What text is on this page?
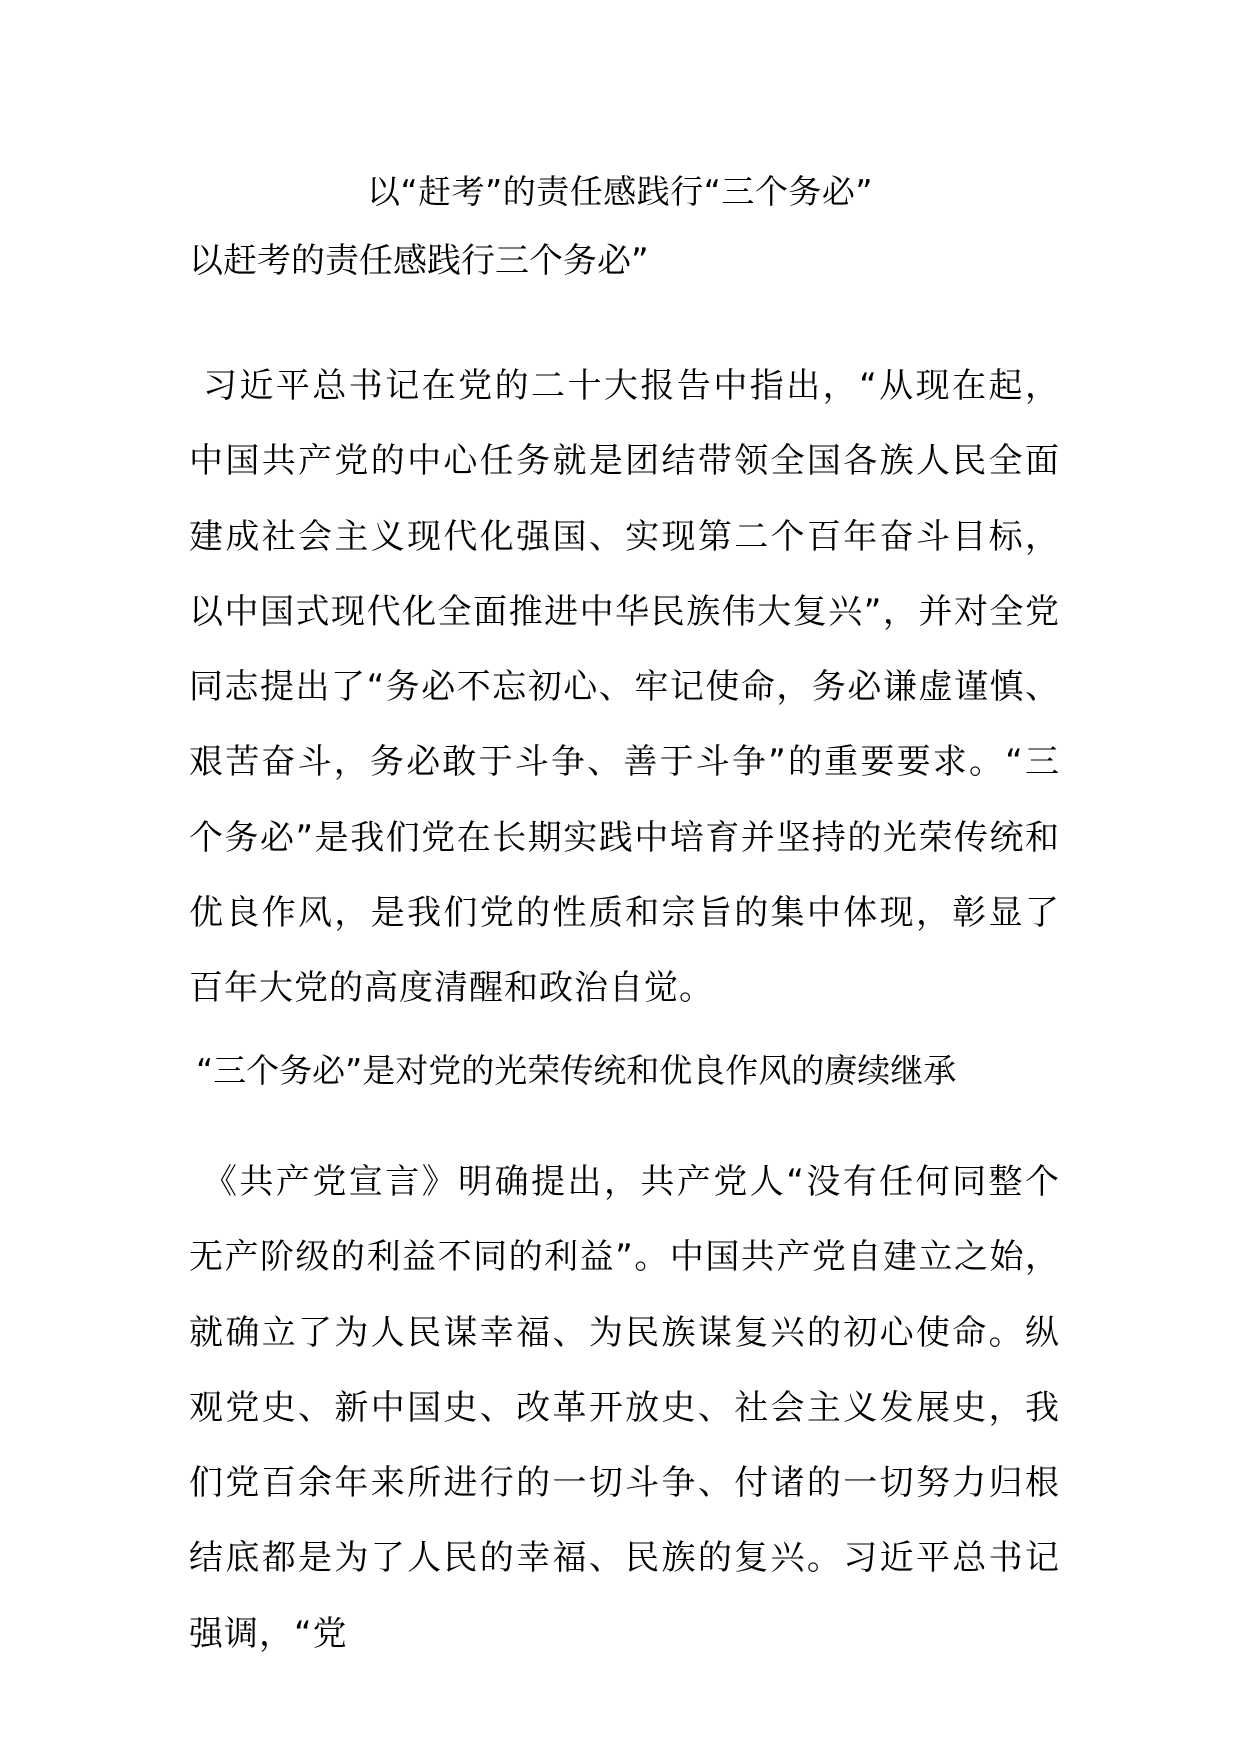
以“赶考”的责任感践行“三个务必”

以赶考的责任感践行三个务必”

习近平总书记在党的二十大报告中指出，“从现在起，中国共产党的中心任务就是团结带领全国各族人民全面建成社会主义现代化强国、实现第二个百年奋斗目标，以中国式现代化全面推进中华民族伟大复兴”，并对全党同志提出了“务必不忘初心、牢记使命，务必谦虚谨慎、艰苦奋斗，务必敢于斗争、善于斗争”的重要要求。“三个务必”是我们党在长期实践中培育并坚持的光荣传统和优良作风，是我们党的性质和宗旨的集中体现，彰显了百年大党的高度清醒和政治自觉。

“三个务必”是对党的光荣传统和优良作风的赓续继承

《共产党宣言》明确提出，共产党人“没有任何同整个无产阶级的利益不同的利益”。中国共产党自建立之始，就确立了为人民谋幸福、为民族谋复兴的初心使命。纵观党史、新中国史、改革开放史、社会主义发展史，我们党百余年来所进行的一切斗争、付诸的一切努力归根结底都是为了人民的幸福、民族的复兴。习近平总书记强调，“党
